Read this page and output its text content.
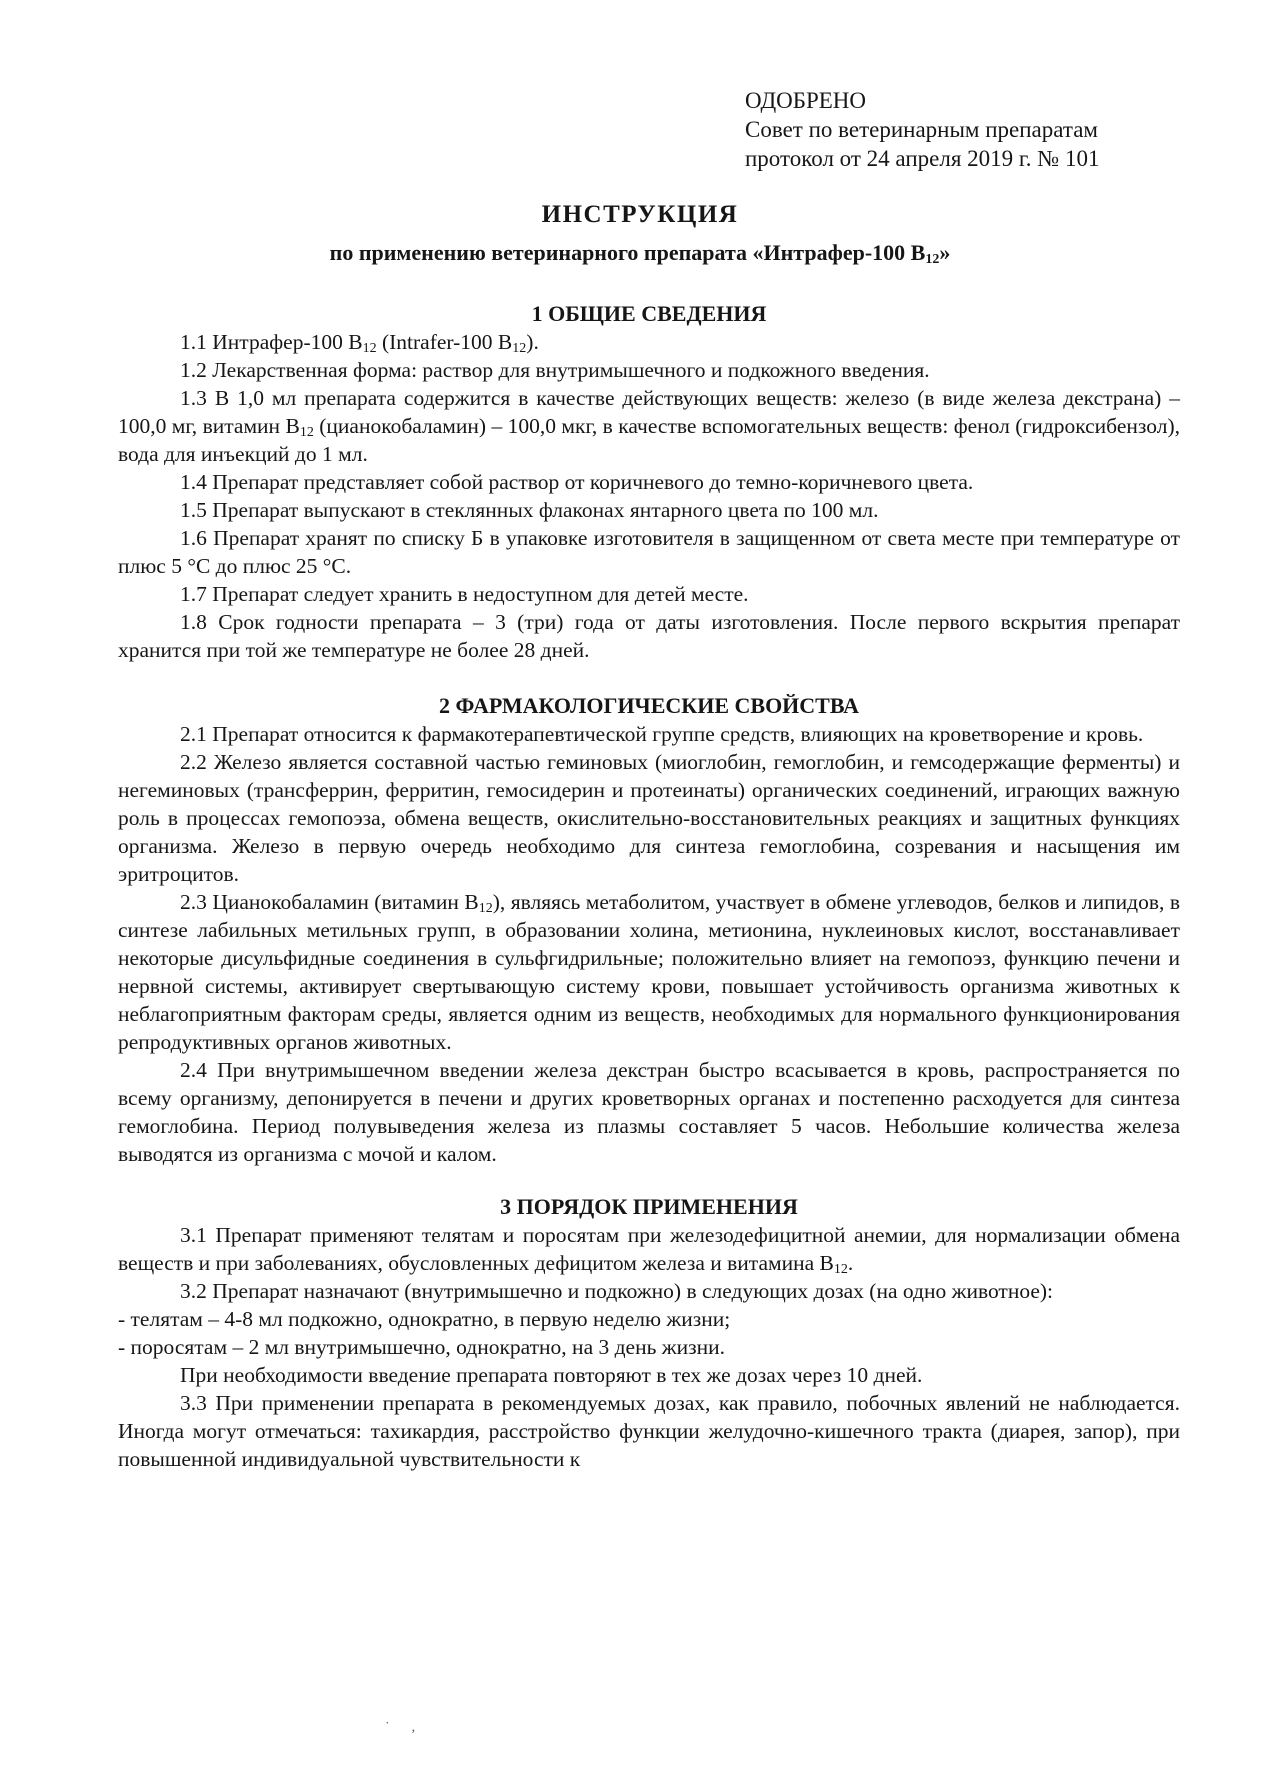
ОДОБРЕНО
Совет по ветеринарным препаратам
протокол от 24 апреля 2019 г. № 101
ИНСТРУКЦИЯ
по применению ветеринарного препарата «Интрафер-100 $В_{12}$»
1 ОБЩИЕ СВЕДЕНИЯ

1.1 Интрафер-100 $В_{12}$ (Intrafer-100 $B_{12}$).

1.2 Лекарственная форма: раствор для внутримышечного и подкожного введения.

1.3 В 1,0 мл препарата содержится в качестве действующих веществ: железо (в виде железа декстрана) – 100,0 мг, витамин $В_{12}$ (цианокобаламин) – 100,0 мкг, в качестве вспомогательных веществ: фенол (гидроксибензол), вода для инъекций до 1 мл.

1.4 Препарат представляет собой раствор от коричневого до темно-коричневого цвета.

1.5 Препарат выпускают в стеклянных флаконах янтарного цвета по 100 мл.

1.6 Препарат хранят по списку Б в упаковке изготовителя в защищенном от света месте при температуре от плюс 5 °С до плюс 25 °С.

1.7 Препарат следует хранить в недоступном для детей месте.

1.8 Срок годности препарата – 3 (три) года от даты изготовления. После первого вскрытия препарат хранится при той же температуре не более 28 дней.

2 ФАРМАКОЛОГИЧЕСКИЕ СВОЙСТВА

2.1 Препарат относится к фармакотерапевтической группе средств, влияющих на кроветворение и кровь.

2.2 Железо является составной частью геминовых (миоглобин, гемоглобин, и гемсодержащие ферменты) и негеминовых (трансферрин, ферритин, гемосидерин и протеинаты) органических соединений, играющих важную роль в процессах гемопоэза, обмена веществ, окислительно-восстановительных реакциях и защитных функциях организма. Железо в первую очередь необходимо для синтеза гемоглобина, созревания и насыщения им эритроцитов.

2.3 Цианокобаламин (витамин $В_{12}$), являясь метаболитом, участвует в обмене углеводов, белков и липидов, в синтезе лабильных метильных групп, в образовании холина, метионина, нуклеиновых кислот, восстанавливает некоторые дисульфидные соединения в сульфгидрильные; положительно влияет на гемопоэз, функцию печени и нервной системы, активирует свертывающую систему крови, повышает устойчивость организма животных к неблагоприятным факторам среды, является одним из веществ, необходимых для нормального функционирования репродуктивных органов животных.

2.4 При внутримышечном введении железа декстран быстро всасывается в кровь, распространяется по всему организму, депонируется в печени и других кроветворных органах и постепенно расходуется для синтеза гемоглобина. Период полувыведения железа из плазмы составляет 5 часов. Небольшие количества железа выводятся из организма с мочой и калом.

3 ПОРЯДОК ПРИМЕНЕНИЯ

3.1 Препарат применяют телятам и поросятам при железодефицитной анемии, для нормализации обмена веществ и при заболеваниях, обусловленных дефицитом железа и витамина $В_{12}$.

3.2 Препарат назначают (внутримышечно и подкожно) в следующих дозах (на одно животное):

- телятам – 4-8 мл подкожно, однократно, в первую неделю жизни;

- поросятам – 2 мл внутримышечно, однократно, на 3 день жизни.

При необходимости введение препарата повторяют в тех же дозах через 10 дней.

3.3 При применении препарата в рекомендуемых дозах, как правило, побочных явлений не наблюдается. Иногда могут отмечаться: тахикардия, расстройство функции желудочно-кишечного тракта (диарея, запор), при повышенной индивидуальной чувствительности к

˙,
